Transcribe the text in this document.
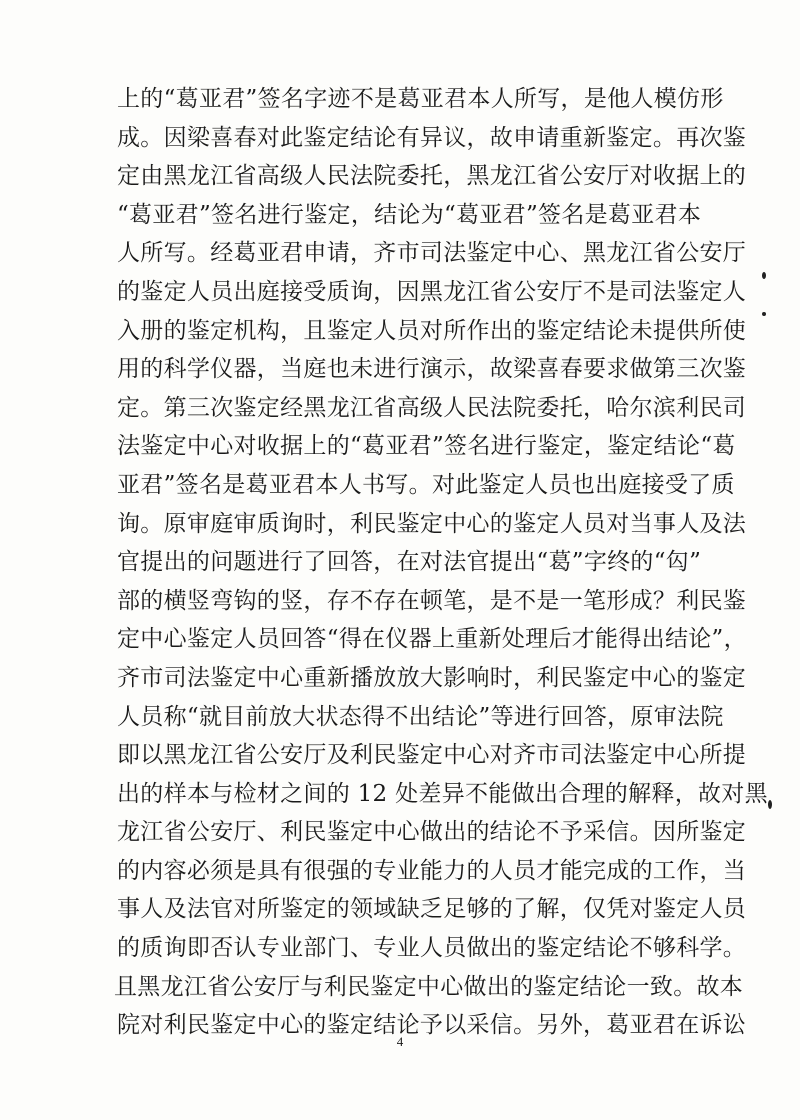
上的“葛亚君”签名字迹不是葛亚君本人所写，是他人模仿形
成。因梁喜春对此鉴定结论有异议，故申请重新鉴定。再次鉴
定由黑龙江省高级人民法院委托，黑龙江省公安厅对收据上的
“葛亚君”签名进行鉴定，结论为“葛亚君”签名是葛亚君本
人所写。经葛亚君申请，齐市司法鉴定中心、黑龙江省公安厅
的鉴定人员出庭接受质询，因黑龙江省公安厅不是司法鉴定人
入册的鉴定机构，且鉴定人员对所作出的鉴定结论未提供所使
用的科学仪器，当庭也未进行演示，故梁喜春要求做第三次鉴
定。第三次鉴定经黑龙江省高级人民法院委托，哈尔滨利民司
法鉴定中心对收据上的“葛亚君”签名进行鉴定，鉴定结论“葛
亚君”签名是葛亚君本人书写。对此鉴定人员也出庭接受了质
询。原审庭审质询时，利民鉴定中心的鉴定人员对当事人及法
官提出的问题进行了回答，在对法官提出“葛”字终的“匃”
部的横竖弯钩的竖，存不存在顿笔，是不是一笔形成？利民鉴
定中心鉴定人员回答“得在仪器上重新处理后才能得出结论”，
齐市司法鉴定中心重新播放放大影响时，利民鉴定中心的鉴定
人员称“就目前放大状态得不出结论”等进行回答，原审法院
即以黑龙江省公安厅及利民鉴定中心对齐市司法鉴定中心所提
出的样本与检材之间的 12 处差异不能做出合理的解释，故对黑
龙江省公安厅、利民鉴定中心做出的结论不予采信。因所鉴定
的内容必须是具有很强的专业能力的人员才能完成的工作，当
事人及法官对所鉴定的领域缺乏足够的了解，仅凭对鉴定人员
的质询即否认专业部门、专业人员做出的鉴定结论不够科学。
且黑龙江省公安厅与利民鉴定中心做出的鉴定结论一致。故本
院对利民鉴定中心的鉴定结论予以采信。另外，葛亚君在诉讼
4
